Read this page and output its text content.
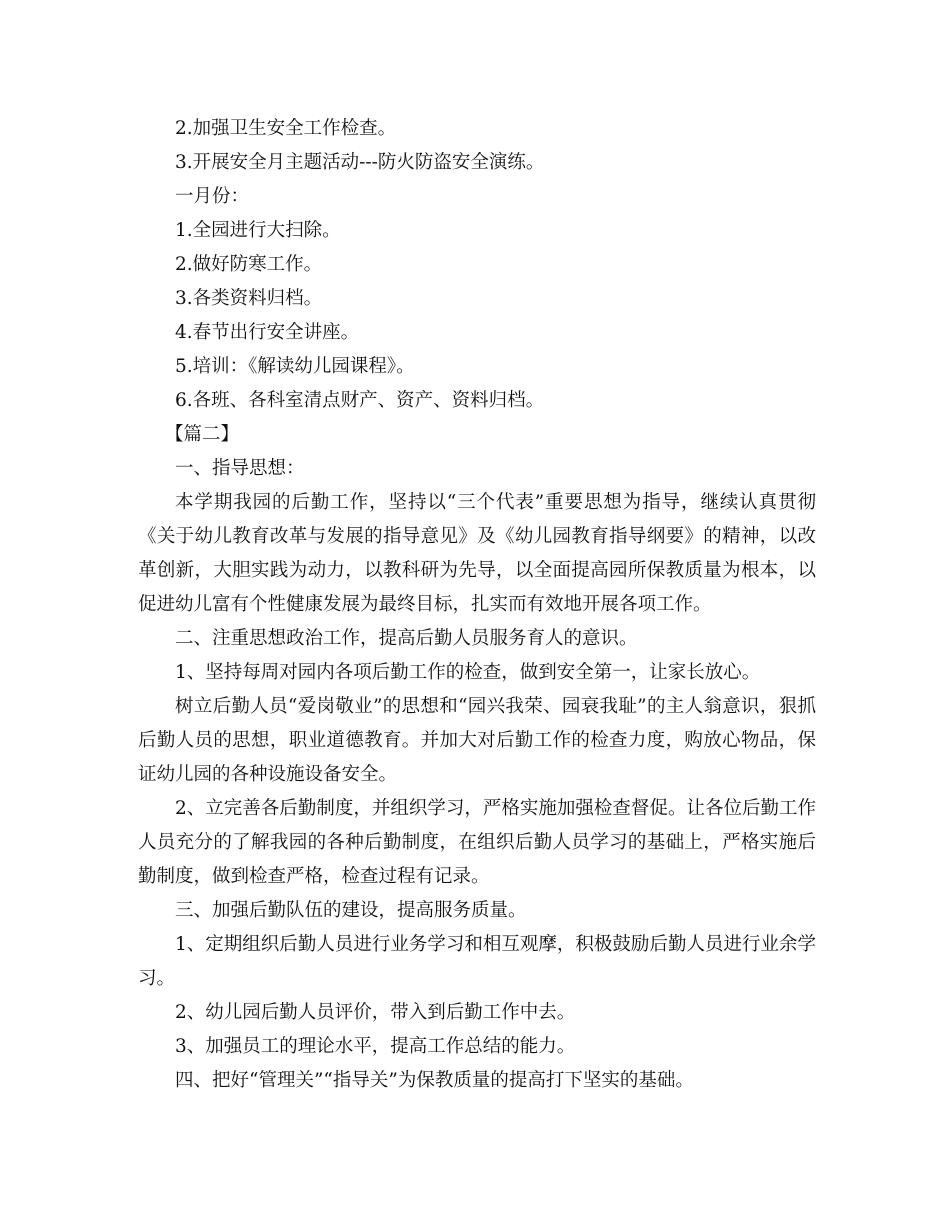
2.加强卫生安全工作检查。

3.开展安全月主题活动---防火防盗安全演练。

一月份：

1.全园进行大扫除。

2.做好防寒工作。

3.各类资料归档。

4.春节出行安全讲座。

5.培训：《解读幼儿园课程》。

6.各班、各科室清点财产、资产、资料归档。

【篇二】

一、指导思想：

本学期我园的后勤工作，坚持以“三个代表”重要思想为指导，继续认真贯彻《关于幼儿教育改革与发展的指导意见》及《幼儿园教育指导纲要》的精神，以改革创新，大胆实践为动力，以教科研为先导，以全面提高园所保教质量为根本，以促进幼儿富有个性健康发展为最终目标，扎实而有效地开展各项工作。

二、注重思想政治工作，提高后勤人员服务育人的意识。

1、坚持每周对园内各项后勤工作的检查，做到安全第一，让家长放心。

树立后勤人员“爱岗敬业”的思想和“园兴我荣、园衰我耻”的主人翁意识，狠抓后勤人员的思想，职业道德教育。并加大对后勤工作的检查力度，购放心物品，保证幼儿园的各种设施设备安全。

2、立完善各后勤制度，并组织学习，严格实施加强检查督促。让各位后勤工作人员充分的了解我园的各种后勤制度，在组织后勤人员学习的基础上，严格实施后勤制度，做到检查严格，检查过程有记录。

三、加强后勤队伍的建设，提高服务质量。

1、定期组织后勤人员进行业务学习和相互观摩，积极鼓励后勤人员进行业余学习。

2、幼儿园后勤人员评价，带入到后勤工作中去。

3、加强员工的理论水平，提高工作总结的能力。

四、把好“管理关”“指导关”为保教质量的提高打下坚实的基础。
